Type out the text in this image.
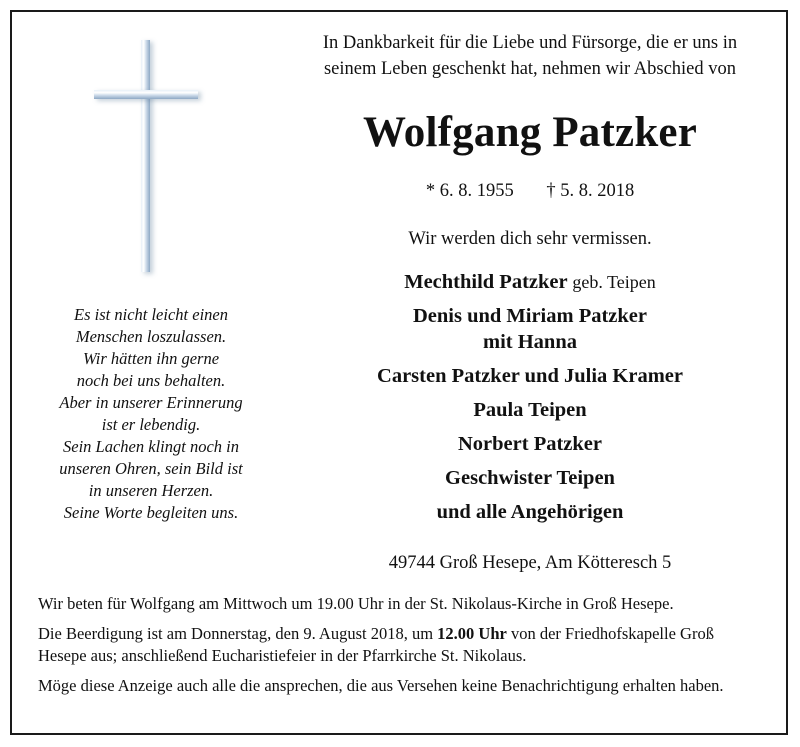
In Dankbarkeit für die Liebe und Fürsorge, die er uns in
seinem Leben geschenkt hat, nehmen wir Abschied von
Wolfgang Patzker
* 6. 8. 1955 † 5. 8. 2018
Wir werden dich sehr vermissen.
Mechthild Patzker geb. Teipen
Denis und Miriam Patzker
mit Hanna
Carsten Patzker und Julia Kramer
Paula Teipen
Norbert Patzker
Geschwister Teipen
und alle Angehörigen
Es ist nicht leicht einen
Menschen loszulassen.
Wir hätten ihn gerne
noch bei uns behalten.
Aber in unserer Erinnerung
ist er lebendig.
Sein Lachen klingt noch in
unseren Ohren, sein Bild ist
in unseren Herzen.
Seine Worte begleiten uns.
49744 Groß Hesepe, Am Kötteresch 5

Wir beten für Wolfgang am Mittwoch um 19.00 Uhr in der St. Nikolaus-Kirche in Groß Hesepe.

Die Beerdigung ist am Donnerstag, den 9. August 2018, um 12.00 Uhr von der Friedhofskapelle Groß Hesepe aus; anschließend Eucharistiefeier in der Pfarrkirche St. Nikolaus.

Möge diese Anzeige auch alle die ansprechen, die aus Versehen keine Benachrichtigung erhalten haben.
